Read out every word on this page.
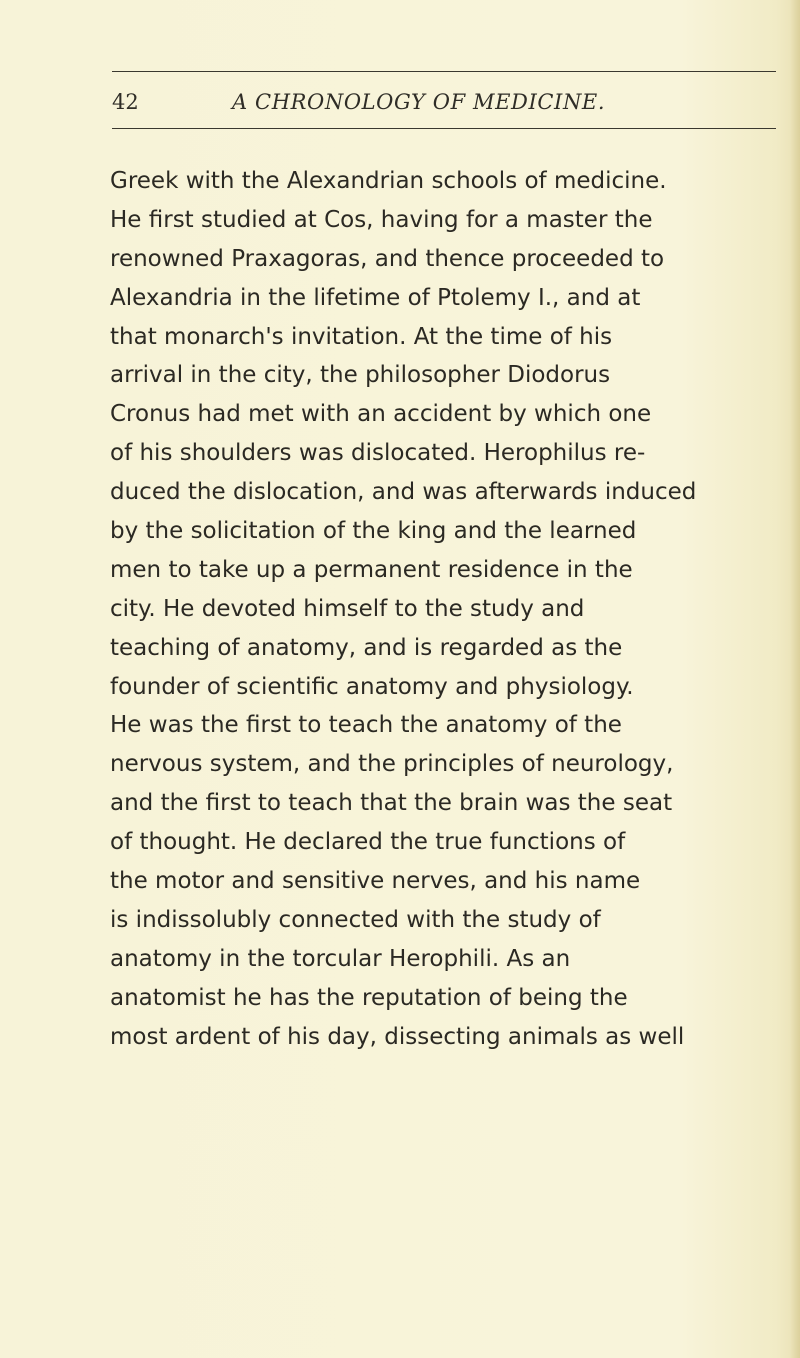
42	A CHRONOLOGY OF MEDICINE.
Greek with the Alexandrian schools of medicine.
He first studied at Cos, having for a master the
renowned Praxagoras, and thence proceeded to
Alexandria in the lifetime of Ptolemy I., and at
that monarch's invitation. At the time of his
arrival in the city, the philosopher Diodorus
Cronus had met with an accident by which one
of his shoulders was dislocated. Herophilus re-
duced the dislocation, and was afterwards induced
by the solicitation of the king and the learned
men to take up a permanent residence in the
city. He devoted himself to the study and
teaching of anatomy, and is regarded as the
founder of scientific anatomy and physiology.
He was the first to teach the anatomy of the
nervous system, and the principles of neurology,
and the first to teach that the brain was the seat
of thought. He declared the true functions of
the motor and sensitive nerves, and his name
is indissolubly connected with the study of
anatomy in the torcular Herophili. As an
anatomist he has the reputation of being the
most ardent of his day, dissecting animals as well
